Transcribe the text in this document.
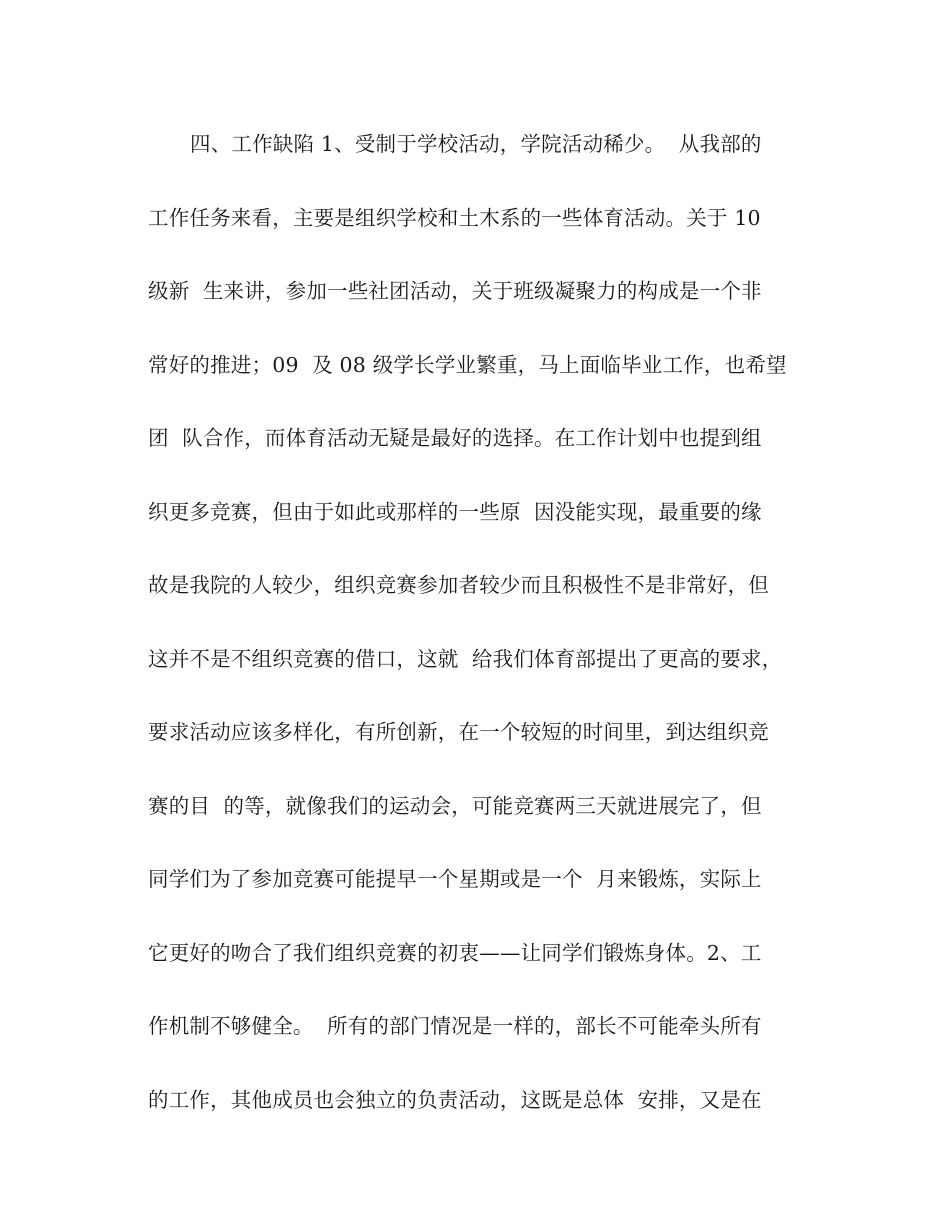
四、工作缺陷 1、受制于学校活动，学院活动稀少。  从我部的
工作任务来看，主要是组织学校和土木系的一些体育活动。关于 10
级新  生来讲，参加一些社团活动，关于班级凝聚力的构成是一个非
常好的推进；09  及 08 级学长学业繁重，马上面临毕业工作，也希望
团  队合作，而体育活动无疑是最好的选择。在工作计划中也提到组
织更多竞赛，但由于如此或那样的一些原  因没能实现，最重要的缘
故是我院的人较少，组织竞赛参加者较少而且积极性不是非常好，但
这并不是不组织竞赛的借口，这就  给我们体育部提出了更高的要求，
要求活动应该多样化，有所创新，在一个较短的时间里，到达组织竞
赛的目  的等，就像我们的运动会，可能竞赛两三天就进展完了，但
同学们为了参加竞赛可能提早一个星期或是一个  月来锻炼，实际上
它更好的吻合了我们组织竞赛的初衷——让同学们锻炼身体。2、工
作机制不够健全。  所有的部门情况是一样的，部长不可能牵头所有
的工作，其他成员也会独立的负责活动，这既是总体  安排，又是在
